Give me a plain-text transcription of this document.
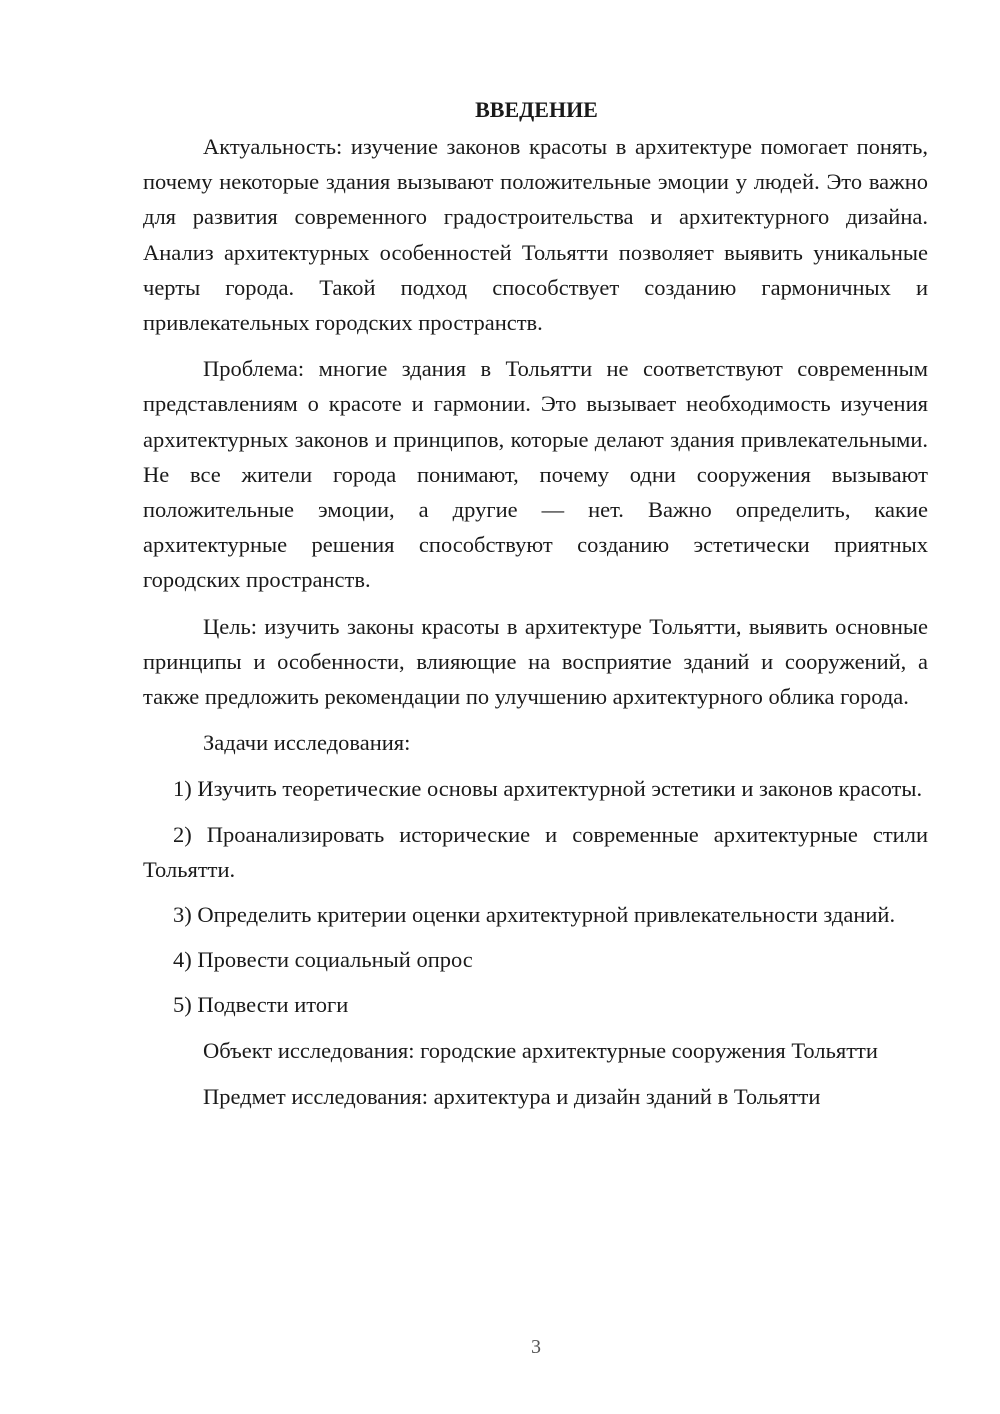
ВВЕДЕНИЕ

Актуальность: изучение законов красоты в архитектуре помогает понять, почему некоторые здания вызывают положительные эмоции у людей. Это важно для развития современного градостроительства и архитектурного дизайна. Анализ архитектурных особенностей Тольятти позволяет выявить уникальные черты города. Такой подход способствует созданию гармоничных и привлекательных городских пространств.

Проблема: многие здания в Тольятти не соответствуют современным представлениям о красоте и гармонии. Это вызывает необходимость изучения архитектурных законов и принципов, которые делают здания привлекательными. Не все жители города понимают, почему одни сооружения вызывают положительные эмоции, а другие — нет. Важно определить, какие архитектурные решения способствуют созданию эстетически приятных городских пространств.

Цель: изучить законы красоты в архитектуре Тольятти, выявить основные принципы и особенности, влияющие на восприятие зданий и сооружений, а также предложить рекомендации по улучшению архитектурного облика города.

Задачи исследования:

1) Изучить теоретические основы архитектурной эстетики и законов красоты.

2) Проанализировать исторические и современные архитектурные стили Тольятти.

3) Определить критерии оценки архитектурной привлекательности зданий.

4) Провести социальный опрос

5) Подвести итоги

Объект исследования: городские архитектурные сооружения Тольятти

Предмет исследования: архитектура и дизайн зданий в Тольятти

3
